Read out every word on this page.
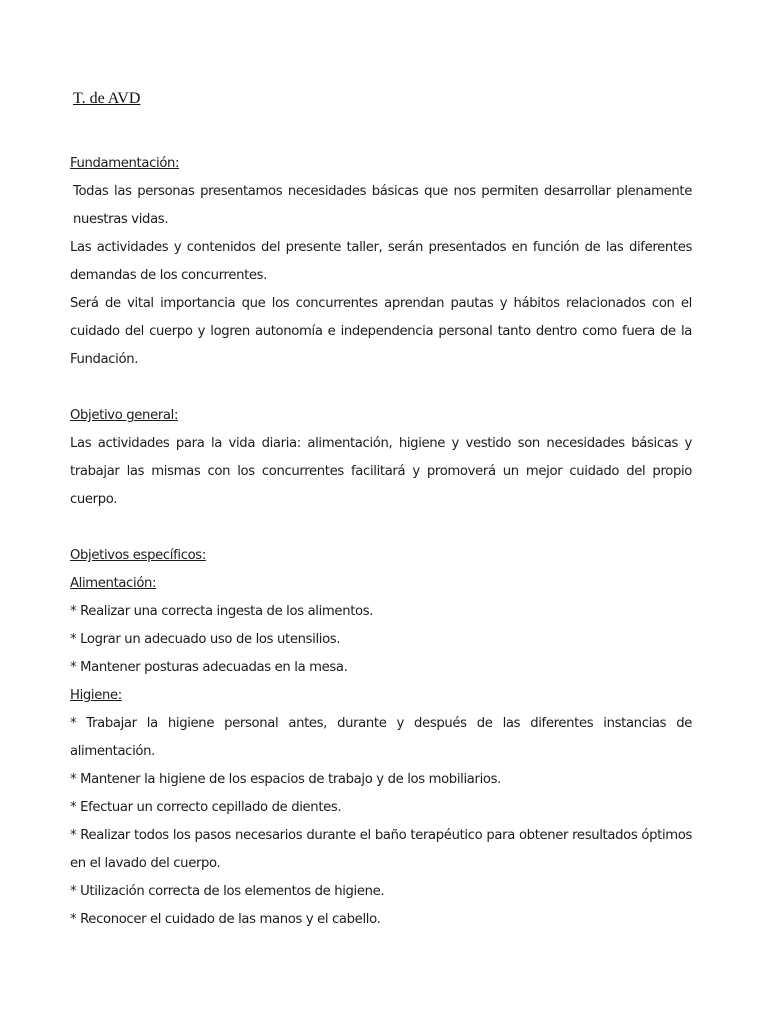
T. de AVD

Fundamentación:

Todas las personas presentamos necesidades básicas que nos permiten desarrollar plenamente nuestras vidas.

Las actividades y contenidos del presente taller, serán presentados en función de las diferentes demandas de los concurrentes.

Será de vital importancia que los concurrentes aprendan pautas y hábitos relacionados con el cuidado del cuerpo y logren autonomía e independencia personal tanto dentro como fuera de la Fundación.

Objetivo general:

Las actividades para la vida diaria: alimentación, higiene y vestido son necesidades básicas y trabajar las mismas con los concurrentes facilitará y promoverá un mejor cuidado del propio cuerpo.

Objetivos específicos:

Alimentación:

* Realizar una correcta ingesta de los alimentos.

* Lograr un adecuado uso de los utensilios.

* Mantener posturas adecuadas en la mesa.

Higiene:

* Trabajar la higiene personal antes, durante y después de las diferentes instancias de alimentación.

* Mantener la higiene de los espacios de trabajo y de los mobiliarios.

* Efectuar un correcto cepillado de dientes.

* Realizar todos los pasos necesarios durante el baño terapéutico para obtener resultados óptimos en el lavado del cuerpo.

* Utilización correcta de los elementos de higiene.

* Reconocer el cuidado de las manos y el cabello.
